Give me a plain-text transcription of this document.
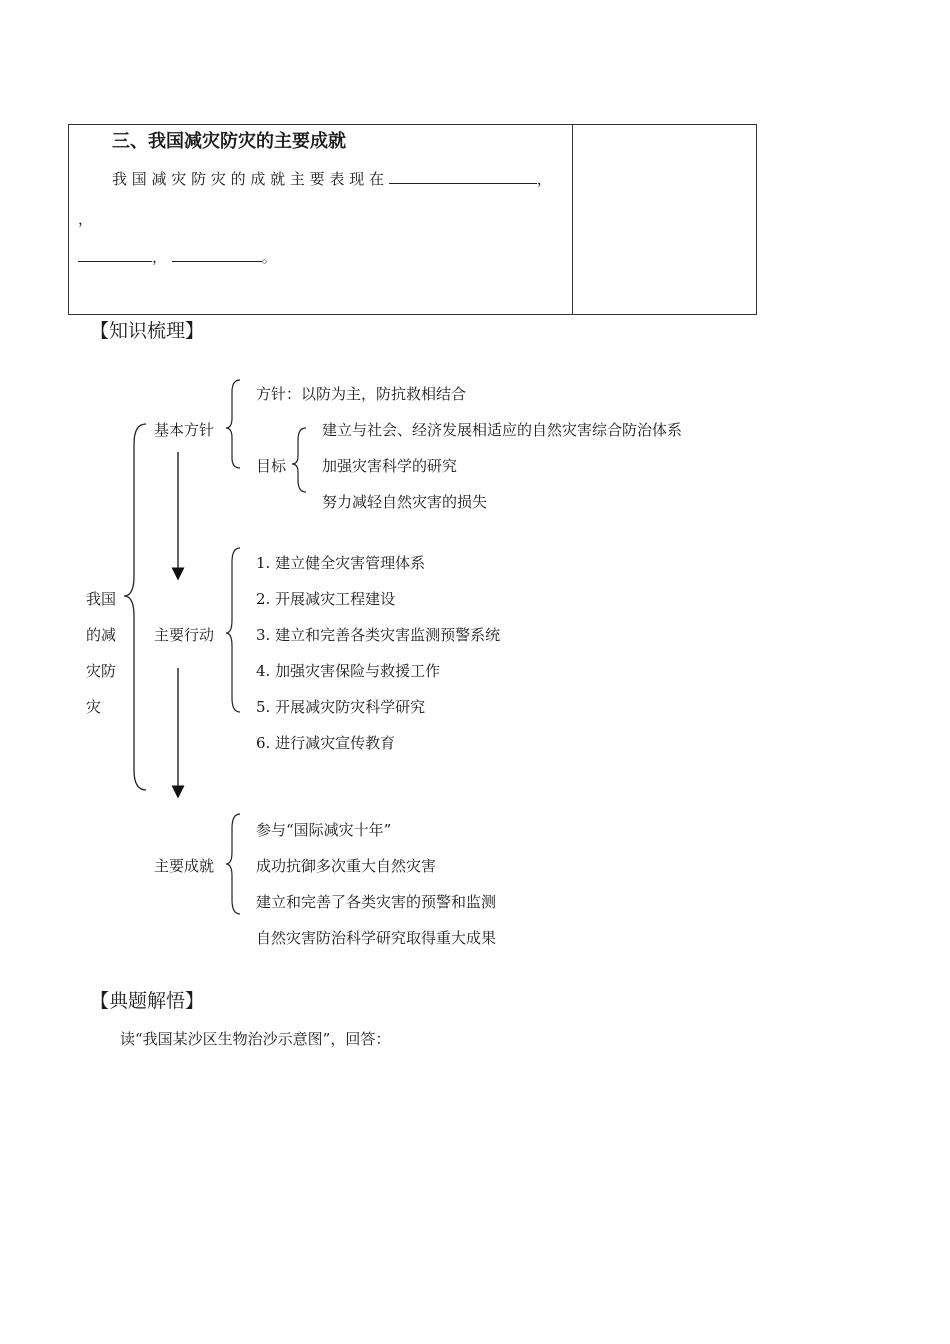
三、我国减灾防灾的主要成就
我 国 减 灾 防 灾 的 成 就 主 要 表 现 在	，
，
，	。
【知识梳理】
我国
的减
灾防
灾
基本方针
方针：以防为主，防抗救相结合
目标
建立与社会、经济发展相适应的自然灾害综合防治体系
加强灾害科学的研究
努力减轻自然灾害的损失
主要行动
1. 建立健全灾害管理体系
2. 开展减灾工程建设
3. 建立和完善各类灾害监测预警系统
4. 加强灾害保险与救援工作
5. 开展减灾防灾科学研究
6. 进行减灾宣传教育
主要成就
参与“国际减灾十年”
成功抗御多次重大自然灾害
建立和完善了各类灾害的预警和监测
自然灾害防治科学研究取得重大成果
【典题解悟】
读“我国某沙区生物治沙示意图”，回答：
